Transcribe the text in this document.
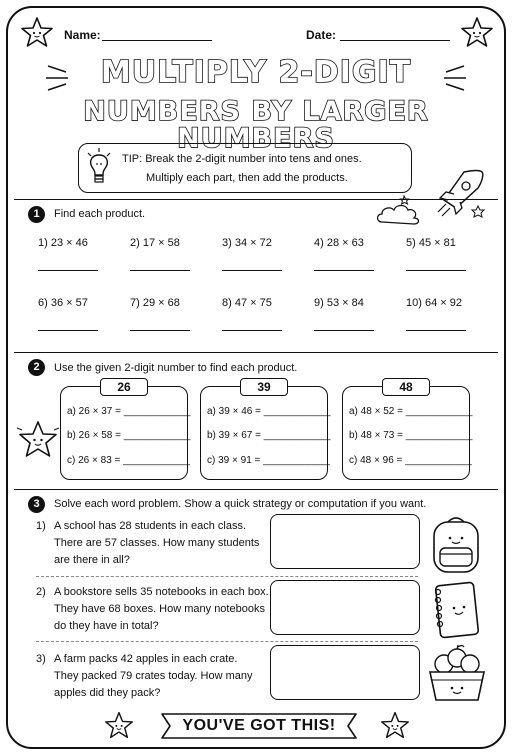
Name:	Date:
MULTIPLY 2-DIGIT
NUMBERS BY LARGER NUMBERS
TIP: Break the 2-digit number into tens and ones.
Multiply each part, then add the products.
1	Find each product.
1) 23 × 46	2) 17 × 58	3) 34 × 72	4) 28 × 63	5) 45 × 81
6) 36 × 57	7) 29 × 68	8) 47 × 75	9) 53 × 84	10) 64 × 92
2	Use the given 2-digit number to find each product.
26
a) 26 × 37 = ____________
b) 26 × 58 = ____________
c) 26 × 83 = ____________
39
a) 39 × 46 = ____________
b) 39 × 67 = ____________
c) 39 × 91 = ____________
48
a) 48 × 52 = ____________
b) 48 × 73 = ____________
c) 48 × 96 = ____________
3	Solve each word problem. Show a quick strategy or computation if you want.
1) A school has 28 students in each class.
There are 57 classes. How many students
are there in all?
2) A bookstore sells 35 notebooks in each box.
They have 68 boxes. How many notebooks
do they have in total?
3) A farm packs 42 apples in each crate.
They packed 79 crates today. How many
apples did they pack?
YOU'VE GOT THIS!
